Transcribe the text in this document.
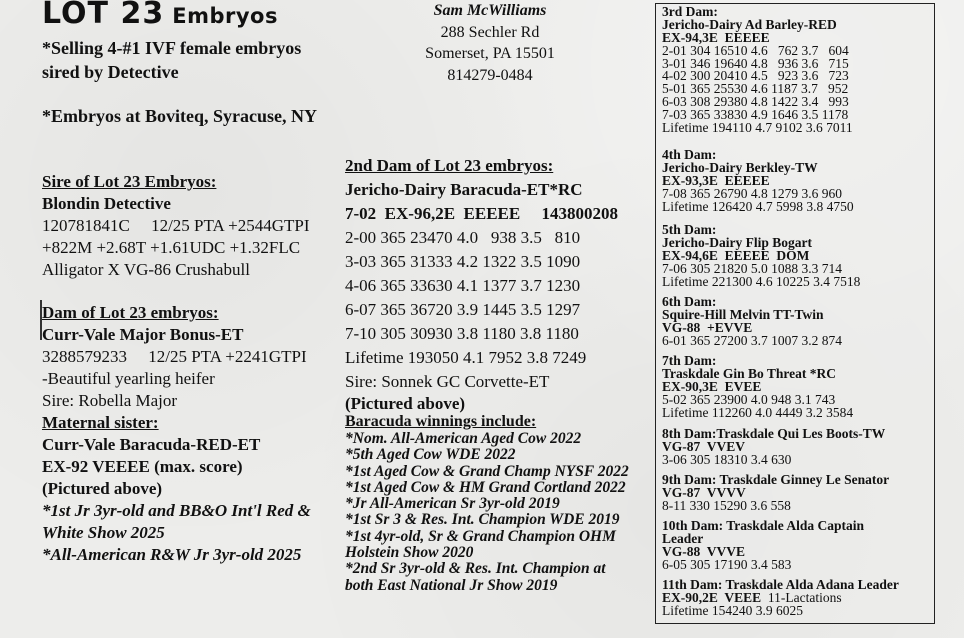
LOT 23 Embryos
*Selling 4-#1 IVF female embryos
sired by Detective
*Embryos at Boviteq, Syracuse, NY
Sire of Lot 23 Embryos:
Blondin Detective
120781841C     12/25 PTA +2544GTPI
+822M +2.68T +1.61UDC +1.32FLC
Alligator X VG-86 Crushabull
Dam of Lot 23 embryos:
Curr-Vale Major Bonus-ET
3288579233     12/25 PTA +2241GTPI
-Beautiful yearling heifer
Sire: Robella Major
Maternal sister:
Curr-Vale Baracuda-RED-ET
EX-92 VEEEE (max. score)
(Pictured above)
*1st Jr 3yr-old and BB&O Int'l Red &
White Show 2025
*All-American R&W Jr 3yr-old 2025
Sam McWilliams
288 Sechler Rd
Somerset, PA 15501
814279-0484
2nd Dam of Lot 23 embryos:
Jericho-Dairy Baracuda-ET*RC
7-02  EX-96,2E  EEEEE     143800208
2-00 365 23470 4.0   938 3.5   810
3-03 365 31333 4.2 1322 3.5 1090
4-06 365 33630 4.1 1377 3.7 1230
6-07 365 36720 3.9 1445 3.5 1297
7-10 305 30930 3.8 1180 3.8 1180
Lifetime 193050 4.1 7952 3.8 7249
Sire: Sonnek GC Corvette-ET
(Pictured above)
Baracuda winnings include:
*Nom. All-American Aged Cow 2022
*5th Aged Cow WDE 2022
*1st Aged Cow & Grand Champ NYSF 2022
*1st Aged Cow & HM Grand Cortland 2022
*Jr All-American Sr 3yr-old 2019
*1st Sr 3 & Res. Int. Champion WDE 2019
*1st 4yr-old, Sr & Grand Champion OHM
Holstein Show 2020
*2nd Sr 3yr-old & Res. Int. Champion at
both East National Jr Show 2019
3rd Dam:
Jericho-Dairy Ad Barley-RED
EX-94,3E  EEEEE
2-01 304 16510 4.6   762 3.7   604
3-01 346 19640 4.8   936 3.6   715
4-02 300 20410 4.5   923 3.6   723
5-01 365 25530 4.6 1187 3.7   952
6-03 308 29380 4.8 1422 3.4   993
7-03 365 33830 4.9 1646 3.5 1178
Lifetime 194110 4.7 9102 3.6 7011
4th Dam:
Jericho-Dairy Berkley-TW
EX-93,3E  EEEEE
7-08 365 26790 4.8 1279 3.6 960
Lifetime 126420 4.7 5998 3.8 4750
5th Dam:
Jericho-Dairy Flip Bogart
EX-94,6E  EEEEE  DOM
7-06 305 21820 5.0 1088 3.3 714
Lifetime 221300 4.6 10225 3.4 7518
6th Dam:
Squire-Hill Melvin TT-Twin
VG-88  +EVVE
6-01 365 27200 3.7 1007 3.2 874
7th Dam:
Traskdale Gin Bo Threat *RC
EX-90,3E  EVEE
5-02 365 23900 4.0 948 3.1 743
Lifetime 112260 4.0 4449 3.2 3584
8th Dam:Traskdale Qui Les Boots-TW
VG-87  VVEV
3-06 305 18310 3.4 630
9th Dam: Traskdale Ginney Le Senator
VG-87  VVVV
8-11 330 15290 3.6 558
10th Dam: Traskdale Alda Captain
Leader
VG-88  VVVE
6-05 305 17190 3.4 583
11th Dam: Traskdale Alda Adana Leader
EX-90,2E  VEEE 11-Lactations
Lifetime 154240 3.9 6025
